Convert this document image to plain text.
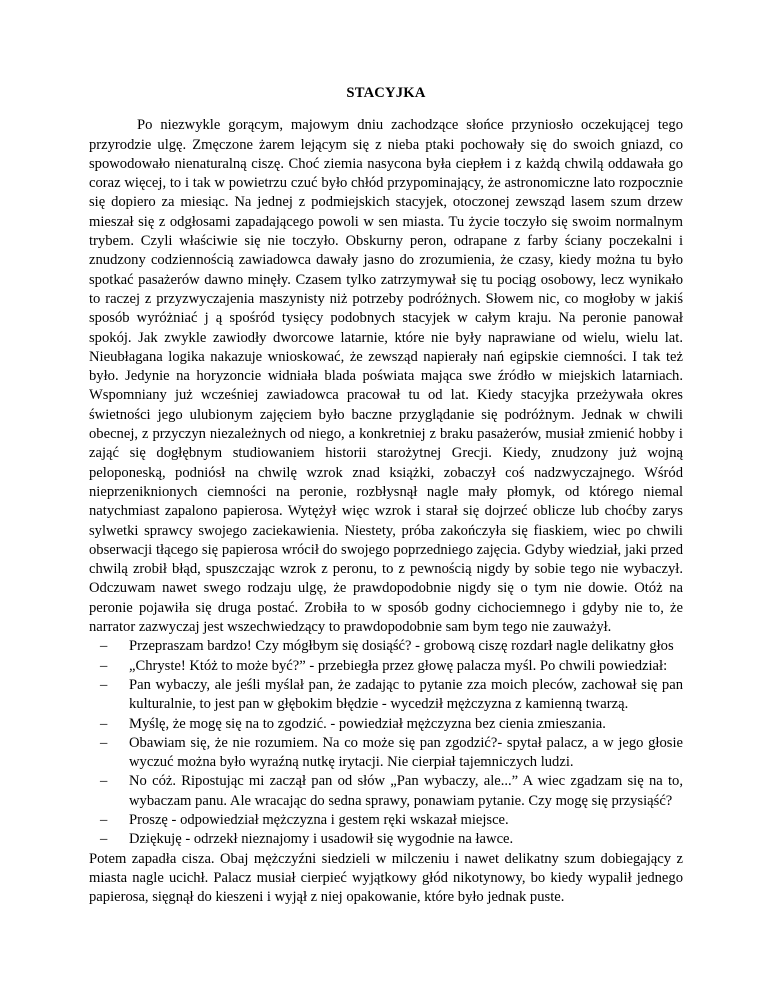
STACYJKA

Po niezwykle gorącym, majowym dniu zachodzące słońce przyniosło oczekującej tego przyrodzie ulgę. Zmęczone żarem lejącym się z nieba ptaki pochowały się do swoich gniazd, co spowodowało nienaturalną ciszę. Choć ziemia nasycona była ciepłem i z każdą chwilą oddawała go coraz więcej, to i tak w powietrzu czuć było chłód przypominający, że astronomiczne lato rozpocznie się dopiero za miesiąc. Na jednej z podmiejskich stacyjek, otoczonej zewsząd lasem szum drzew mieszał się z odgłosami zapadającego powoli w sen miasta. Tu życie toczyło się swoim normalnym trybem. Czyli właściwie się nie toczyło. Obskurny peron, odrapane z farby ściany poczekalni i znudzony codziennością zawiadowca dawały jasno do zrozumienia, że czasy, kiedy można tu było spotkać pasażerów dawno minęły. Czasem tylko zatrzymywał się tu pociąg osobowy, lecz wynikało to raczej z przyzwyczajenia maszynisty niż potrzeby podróżnych. Słowem nic, co mogłoby w jakiś sposób wyróżniać j ą spośród tysięcy podobnych stacyjek w całym kraju. Na peronie panował spokój. Jak zwykle zawiodły dworcowe latarnie, które nie były naprawiane od wielu, wielu lat. Nieubłagana logika nakazuje wnioskować, że zewsząd napierały nań egipskie ciemności. I tak też było. Jedynie na horyzoncie widniała blada poświata mająca swe źródło w miejskich latarniach. Wspomniany już wcześniej zawiadowca pracował tu od lat. Kiedy stacyjka przeżywała okres świetności jego ulubionym zajęciem było baczne przyglądanie się podróżnym. Jednak w chwili obecnej, z przyczyn niezależnych od niego, a konkretniej z braku pasażerów, musiał zmienić hobby i zająć się dogłębnym studiowaniem historii starożytnej Grecji. Kiedy, znudzony już wojną peloponeską, podniósł na chwilę wzrok znad książki, zobaczył coś nadzwyczajnego. Wśród nieprzeniknionych ciemności na peronie, rozbłysnął nagle mały płomyk, od którego niemal natychmiast zapalono papierosa. Wytężył więc wzrok i starał się dojrzeć oblicze lub choćby zarys sylwetki sprawcy swojego zaciekawienia. Niestety, próba zakończyła się fiaskiem, wiec po chwili obserwacji tłącego się papierosa wrócił do swojego poprzedniego zajęcia. Gdyby wiedział, jaki przed chwilą zrobił błąd, spuszczając wzrok z peronu, to z pewnością nigdy by sobie tego nie wybaczył. Odczuwam nawet swego rodzaju ulgę, że prawdopodobnie nigdy się o tym nie dowie. Otóż na peronie pojawiła się druga postać. Zrobiła to w sposób godny cichociemnego i gdyby nie to, że narrator zazwyczaj jest wszechwiedzący to prawdopodobnie sam bym tego nie zauważył.

– Przepraszam bardzo! Czy mógłbym się dosiąść? - grobową ciszę rozdarł nagle delikatny głos
– „Chryste! Któż to może być?” - przebiegła przez głowę palacza myśl. Po chwili powiedział:
– Pan wybaczy, ale jeśli myślał pan, że zadając to pytanie zza moich pleców, zachował się pan kulturalnie, to jest pan w głębokim błędzie - wycedził mężczyzna z kamienną twarzą.
– Myślę, że mogę się na to zgodzić. - powiedział mężczyzna bez cienia zmieszania.
– Obawiam się, że nie rozumiem. Na co może się pan zgodzić?- spytał palacz, a w jego głosie wyczuć można było wyraźną nutkę irytacji. Nie cierpiał tajemniczych ludzi.
– No cóż. Ripostując mi zaczął pan od słów „Pan wybaczy, ale...” A wiec zgadzam się na to, wybaczam panu. Ale wracając do sedna sprawy, ponawiam pytanie. Czy mogę się przysiąść?
– Proszę - odpowiedział mężczyzna i gestem ręki wskazał miejsce.
– Dziękuję - odrzekł nieznajomy i usadowił się wygodnie na ławce.

Potem zapadła cisza. Obaj mężczyźni siedzieli w milczeniu i nawet delikatny szum dobiegający z miasta nagle ucichł. Palacz musiał cierpieć wyjątkowy głód nikotynowy, bo kiedy wypalił jednego papierosa, sięgnął do kieszeni i wyjął z niej opakowanie, które było jednak puste.
